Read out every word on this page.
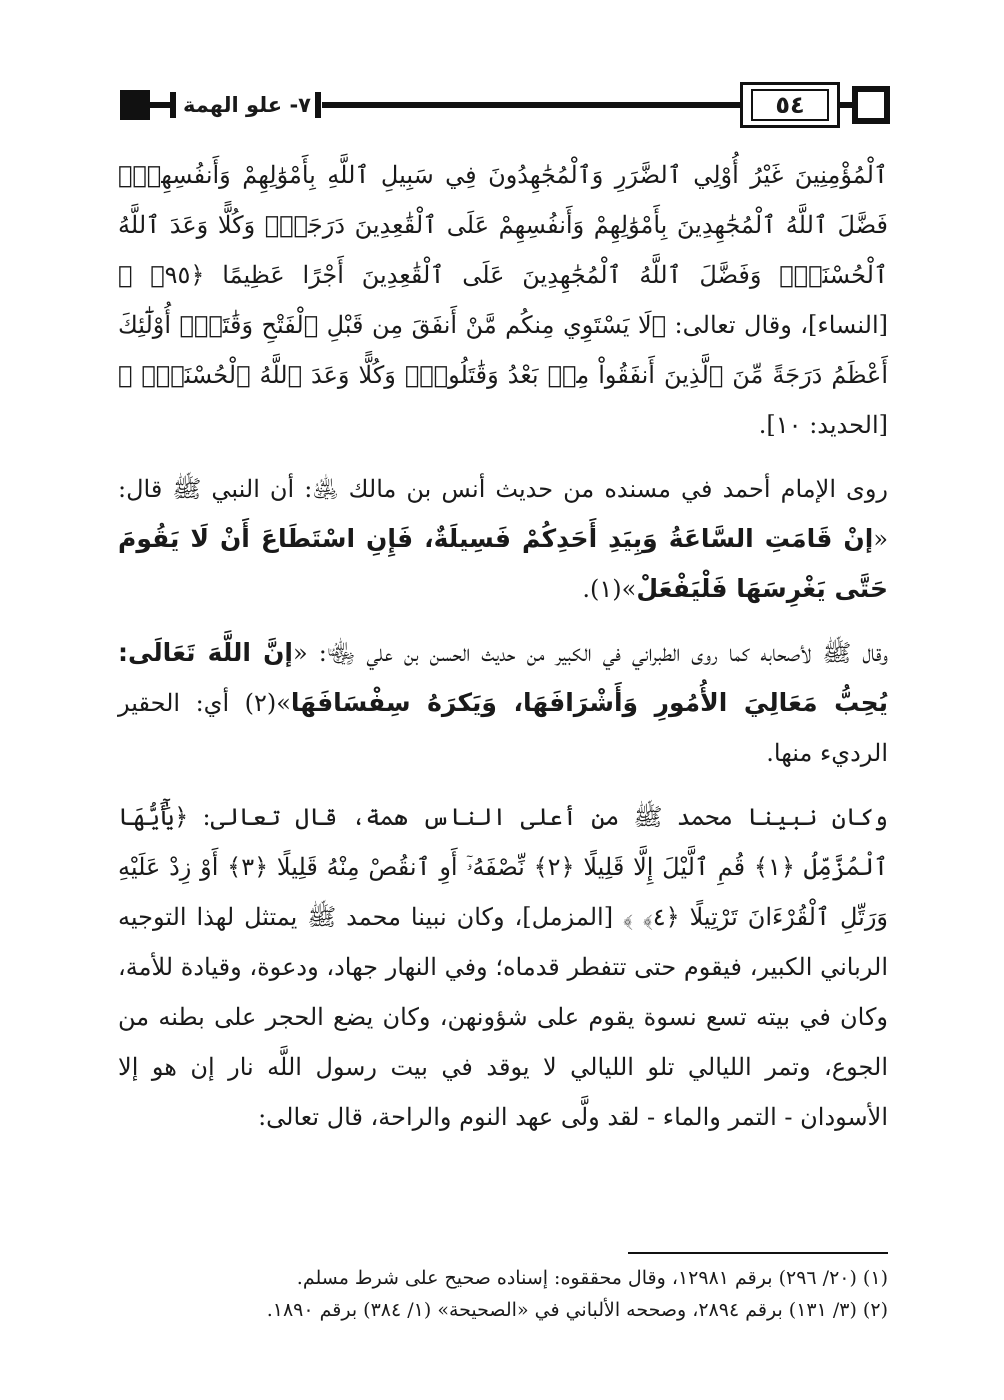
٧- علو الهمة	٥٤

ٱلْمُؤْمِنِينَ غَيْرُ أُوْلِي ٱلضَّرَرِ وَٱلْمُجَٰهِدُونَ فِي سَبِيلِ ٱللَّهِ بِأَمْوَٰلِهِمْ وَأَنفُسِهِمْۚ فَضَّلَ ٱللَّهُ ٱلْمُجَٰهِدِينَ بِأَمْوَٰلِهِمْ وَأَنفُسِهِمْ عَلَى ٱلْقَٰعِدِينَ دَرَجَةًۚ وَكُلًّا وَعَدَ ٱللَّهُ ٱلْحُسْنَىٰۚ وَفَضَّلَ ٱللَّهُ ٱلْمُجَٰهِدِينَ عَلَى ٱلْقَٰعِدِينَ أَجْرًا عَظِيمًا ﴿٩٥﴾ ﴾ [النساء]، وقال تعالى: ﴿لَا يَسْتَوِي مِنكُم مَّنْ أَنفَقَ مِن قَبْلِ ٱلْفَتْحِ وَقَٰتَلَۚ أُوْلَٰٓئِكَ أَعْظَمُ دَرَجَةً مِّنَ ٱلَّذِينَ أَنفَقُواْ مِنۢ بَعْدُ وَقَٰتَلُواْۚ وَكُلًّا وَعَدَ ٱللَّهُ ٱلْحُسْنَىٰۚ ﴾ [الحديد: ١٠].

روى الإمام أحمد في مسنده من حديث أنس بن مالك ﵁: أن النبي ﷺ قال: «إنْ قَامَتِ السَّاعَةُ وَبِيَدِ أَحَدِكُمْ فَسِيلَةٌ، فَإِنِ اسْتَطَاعَ أَنْ لَا يَقُومَ حَتَّى يَغْرِسَهَا فَلْيَفْعَلْ»(١).

وقال ﷺ لأصحابه كما روى الطبراني في الكبير من حديث الحسن بن علي ﵄: «إنَّ اللَّهَ تَعَالَى: يُحِبُّ مَعَالِيَ الأُمُورِ وَأَشْرَافَهَا، وَيَكرَهُ سِفْسَافَهَا»(٢) أي: الحقير الرديء منها.

وكان نبينا محمد ﷺ من أعلى الناس همة، قال تعالى: ﴿يَٰٓأَيُّهَا ٱلْمُزَّمِّلُ ﴿١﴾ قُمِ ٱلَّيْلَ إِلَّا قَلِيلًا ﴿٢﴾ نِّصْفَهُۥٓ أَوِ ٱنقُصْ مِنْهُ قَلِيلًا ﴿٣﴾ أَوْ زِدْ عَلَيْهِ وَرَتِّلِ ٱلْقُرْءَانَ تَرْتِيلًا ﴿٤﴾ ﴾ [المزمل]، وكان نبينا محمد ﷺ يمتثل لهذا التوجيه الرباني الكبير، فيقوم حتى تتفطر قدماه؛ وفي النهار جهاد، ودعوة، وقيادة للأمة، وكان في بيته تسع نسوة يقوم على شؤونهن، وكان يضع الحجر على بطنه من الجوع، وتمر الليالي تلو الليالي لا يوقد في بيت رسول اللَّه نار إن هو إلا الأسودان - التمر والماء - لقد ولَّى عهد النوم والراحة، قال تعالى:

(١) (٢٠/ ٢٩٦) برقم ١٢٩٨١، وقال محققوه: إسناده صحيح على شرط مسلم.
(٢) (٣/ ١٣١) برقم ٢٨٩٤، وصححه الألباني في «الصحيحة» (١/ ٣٨٤) برقم ١٨٩٠.
